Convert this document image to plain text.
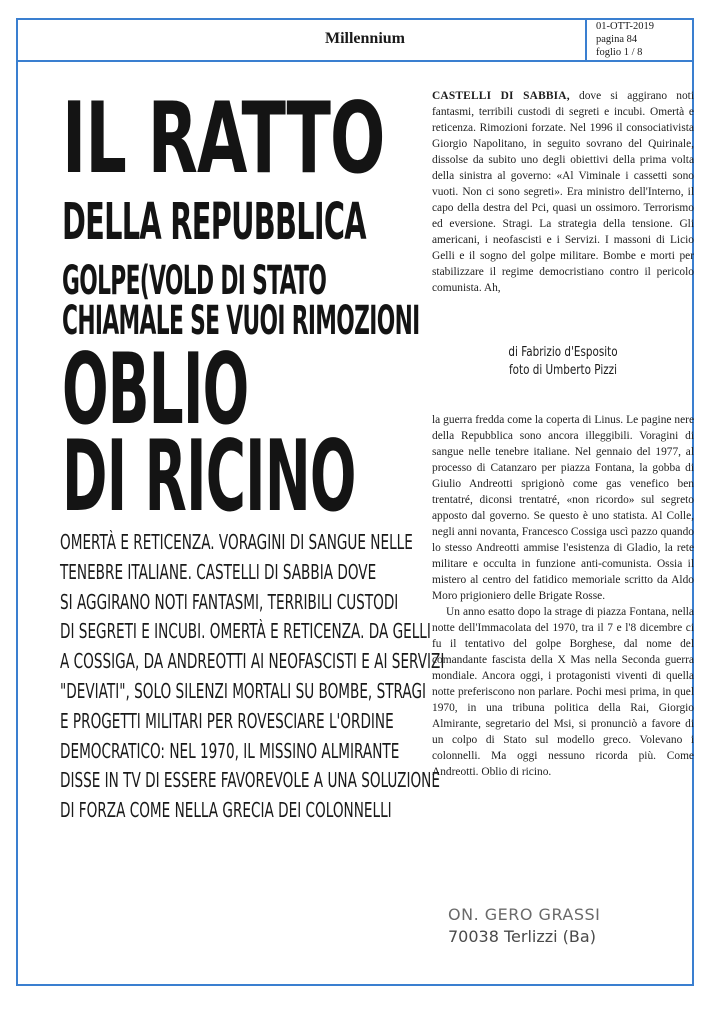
Millennium
01-OTT-2019
pagina 84
foglio 1 / 8
IL RATTO
DELLA REPUBBLICA
GOLPE(VOLD DI STATO
CHIAMALE SE VUOI RIMOZIONI
OBLIO
DI RICINO
OMERTÀ E RETICENZA. VORAGINI DI SANGUE NELLE
TENEBRE ITALIANE. CASTELLI DI SABBIA DOVE
SI AGGIRANO NOTI FANTASMI, TERRIBILI CUSTODI
DI SEGRETI E INCUBI. OMERTÀ E RETICENZA. DA GELLI
A COSSIGA, DA ANDREOTTI AI NEOFASCISTI E AI SERVIZI
"DEVIATI", SOLO SILENZI MORTALI SU BOMBE, STRAGI
E PROGETTI MILITARI PER ROVESCIARE L'ORDINE
DEMOCRATICO: NEL 1970, IL MISSINO ALMIRANTE
DISSE IN TV DI ESSERE FAVOREVOLE A UNA SOLUZIONE
DI FORZA COME NELLA GRECIA DEI COLONNELLI

CASTELLI DI SABBIA, dove si aggirano noti fantasmi, terribili custodi di segreti e incubi. Omertà e reticenza. Rimozioni forzate. Nel 1996 il consociativista Giorgio Napolitano, in seguito sovrano del Quirinale, dissolse da subito uno degli obiettivi della prima volta della sinistra al governo: «Al Viminale i cassetti sono vuoti. Non ci sono segreti». Era ministro dell'Interno, il capo della destra del Pci, quasi un ossimoro. Terrorismo ed eversione. Stragi. La strategia della tensione. Gli americani, i neofascisti e i Servizi. I massoni di Licio Gelli e il sogno del golpe militare. Bombe e morti per stabilizzare il regime democristiano contro il pericolo comunista. Ah,

di Fabrizio d'Esposito
foto di Umberto Pizzi

la guerra fredda come la coperta di Linus. Le pagine nere della Repubblica sono ancora illeggibili. Voragini di sangue nelle tenebre italiane. Nel gennaio del 1977, al processo di Catanzaro per piazza Fontana, la gobba di Giulio Andreotti sprigionò come gas venefico ben trentatré, diconsi trentatré, «non ricordo» sul segreto apposto dal governo. Se questo è uno statista. Al Colle, negli anni novanta, Francesco Cossiga uscì pazzo quando lo stesso Andreotti ammise l'esistenza di Gladio, la rete militare e occulta in funzione anti-comunista. Ossia il mistero al centro del fatidico memoriale scritto da Aldo Moro prigioniero delle Brigate Rosse.

Un anno esatto dopo la strage di piazza Fontana, nella notte dell'Immacolata del 1970, tra il 7 e l'8 dicembre ci fu il tentativo del golpe Borghese, dal nome del comandante fascista della X Mas nella Seconda guerra mondiale. Ancora oggi, i protagonisti viventi di quella notte preferiscono non parlare. Pochi mesi prima, in quel 1970, in una tribuna politica della Rai, Giorgio Almirante, segretario del Msi, si pronunciò a favore di un colpo di Stato sul modello greco. Volevano i colonnelli. Ma oggi nessuno ricorda più. Come Andreotti. Oblio di ricino.

ON. GERO GRASSI
70038 Terlizzi (Ba)
